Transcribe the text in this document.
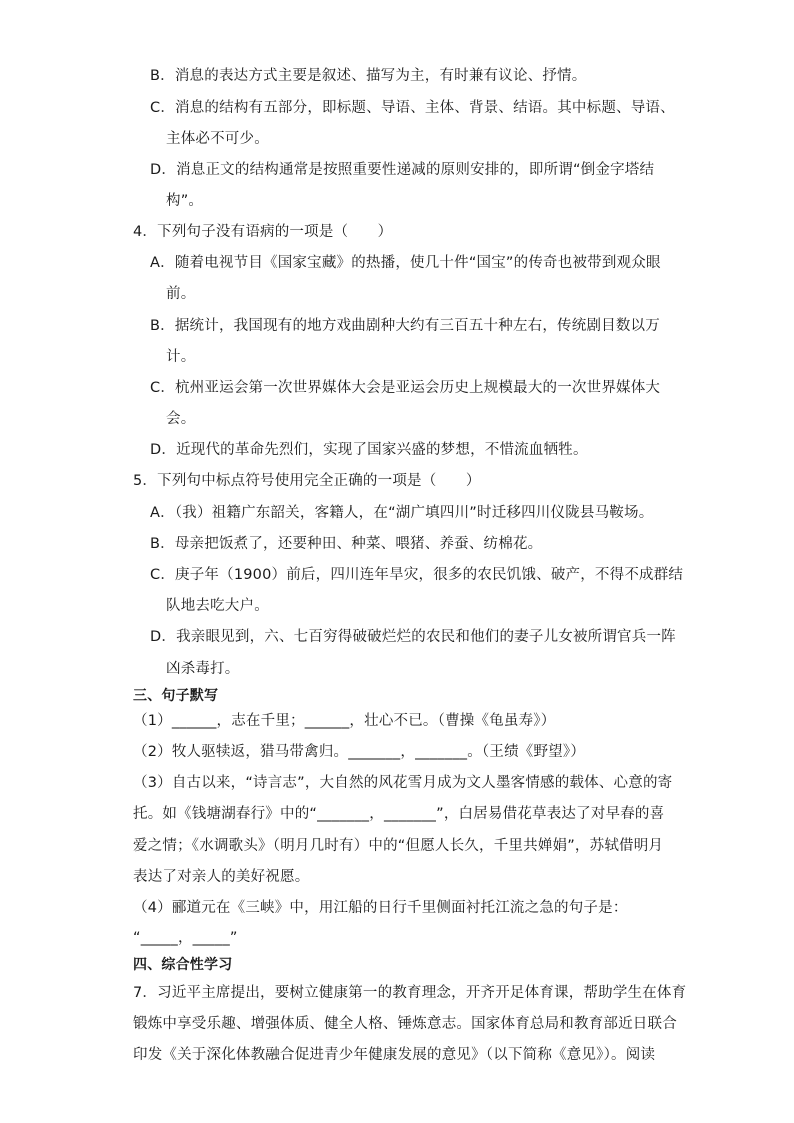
B．消息的表达方式主要是叙述、描写为主，有时兼有议论、抒情。
C．消息的结构有五部分，即标题、导语、主体、背景、结语。其中标题、导语、
主体必不可少。
D．消息正文的结构通常是按照重要性递减的原则安排的，即所谓“倒金字塔结
构”。
4．下列句子没有语病的一项是（　　）
A．随着电视节目《国家宝藏》的热播，使几十件“国宝”的传奇也被带到观众眼
前。
B．据统计，我国现有的地方戏曲剧种大约有三百五十种左右，传统剧目数以万
计。
C．杭州亚运会第一次世界媒体大会是亚运会历史上规模最大的一次世界媒体大
会。
D．近现代的革命先烈们，实现了国家兴盛的梦想，不惜流血牺牲。
5．下列句中标点符号使用完全正确的一项是（　　）
A．（我）祖籍广东韶关，客籍人，在“湖广填四川”时迁移四川仪陇县马鞍场。
B．母亲把饭煮了，还要种田、种菜、喂猪、养蚕、纺棉花。
C．庚子年（1900）前后，四川连年旱灾，很多的农民饥饿、破产，不得不成群结
队地去吃大户。
D．我亲眼见到，六、七百穷得破破烂烂的农民和他们的妻子儿女被所谓官兵一阵
凶杀毒打。
三、句子默写
（1）______，志在千里；______，壮心不已。（曹操《龟虽寿》）
（2）牧人驱犊返，猎马带禽归。_______，_______。（王绩《野望》）
（3）自古以来，“诗言志”，大自然的风花雪月成为文人墨客情感的载体、心意的寄
托。如《钱塘湖春行》中的“_______，_______”，白居易借花草表达了对早春的喜
爱之情；《水调歌头》（明月几时有）中的“但愿人长久，千里共婵娟”，苏轼借明月
表达了对亲人的美好祝愿。
（4）郦道元在《三峡》中，用江船的日行千里侧面衬托江流之急的句子是：
“_____，_____”
四、综合性学习
7．习近平主席提出，要树立健康第一的教育理念，开齐开足体育课，帮助学生在体育
锻炼中享受乐趣、增强体质、健全人格、锤炼意志。国家体育总局和教育部近日联合
印发《关于深化体教融合促进青少年健康发展的意见》（以下简称《意见》）。阅读
